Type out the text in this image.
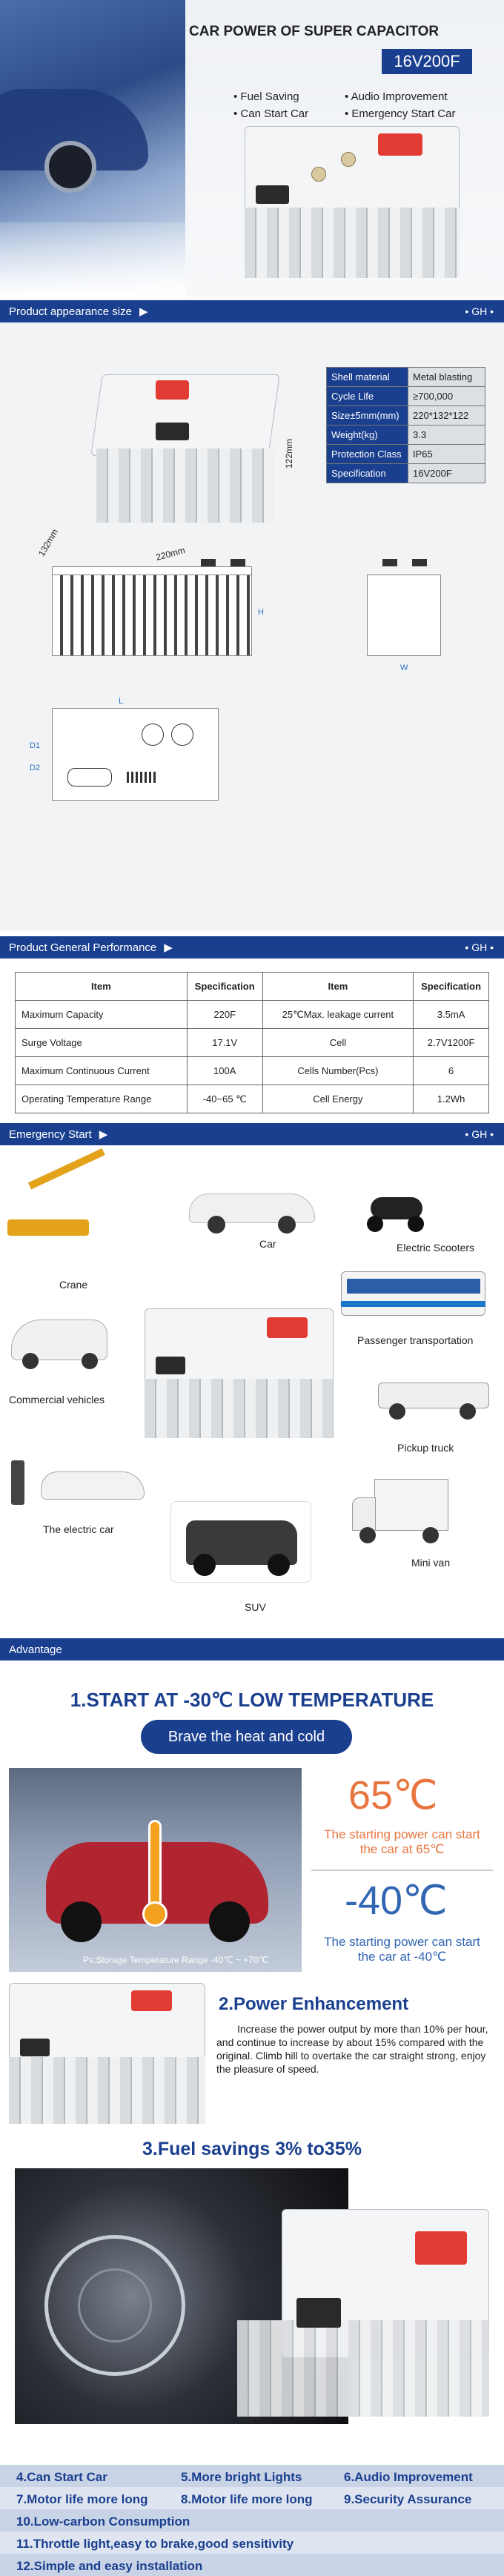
CAR POWER OF SUPER CAPACITOR
16V200F
• Fuel Saving
• Can Start Car
• Audio Improvement
• Emergency Start Car
Product appearance size ▶	• GH •
122mm
132mm	220mm
Shell material	Metal blasting
Cycle Life	≥700,000
Size±5mm(mm)	220*132*122
Weight(kg)	3.3
Protection Class	IP65
Specification	16V200F
H
W
L
D1
D2
Product General Performance ▶	• GH •
Item	Specification	Item	Specification
Maximum Capacity	220F	25℃Max. leakage current	3.5mA
Surge Voltage	17.1V	Cell	2.7V1200F
Maximum Continuous Current	100A	Cells Number(Pcs)	6
Operating Temperature Range	-40~65 ℃	Cell Energy	1.2Wh
Emergency Start ▶	• GH •
Crane
Car	Electric Scooters
Passenger transportation
Commercial vehicles
Pickup truck
The electric car
SUV
Mini van
Advantage
1.START AT -30℃ LOW TEMPERATURE
Brave the heat and cold
Ps:Storage Temperature Range -40℃ ~ +70℃
65℃
The starting power can start the car at 65℃
-40℃
The starting power can start the car at -40℃
2.Power Enhancement
Increase the power output by more than 10% per hour, and continue to increase by about 15% compared with the original. Climb hill to overtake the car straight strong, enjoy the pleasure of speed.
3.Fuel savings 3% to35%
4.Can Start Car	5.More bright Lights	6.Audio Improvement
7.Motor life more long	8.Motor life more long	9.Security Assurance
10.Low-carbon Consumption
11.Throttle light,easy to brake,good sensitivity
12.Simple and easy installation
